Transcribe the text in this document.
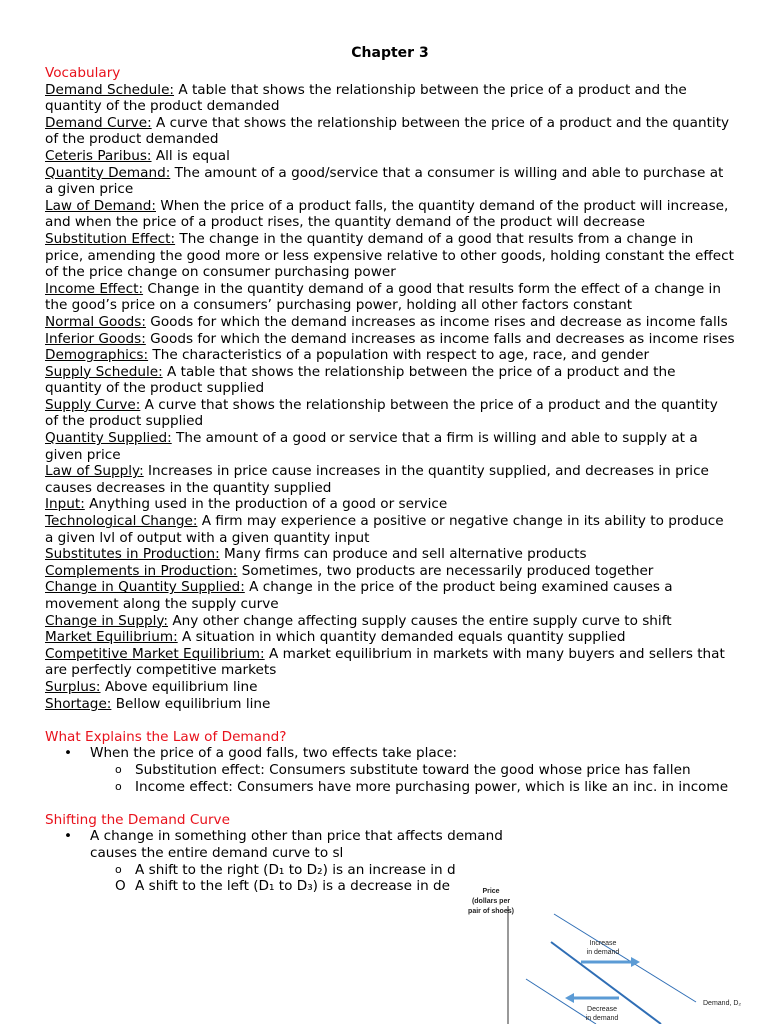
Chapter 3
Vocabulary
Demand Schedule: A table that shows the relationship between the price of a product and the quantity of the product demanded
Demand Curve: A curve that shows the relationship between the price of a product and the quantity of the product demanded
Ceteris Paribus: All is equal
Quantity Demand: The amount of a good/service that a consumer is willing and able to purchase at a given price
Law of Demand: When the price of a product falls, the quantity demand of the product will increase, and when the price of a product rises, the quantity demand of the product will decrease
Substitution Effect: The change in the quantity demand of a good that results from a change in price, amending the good more or less expensive relative to other goods, holding constant the effect of the price change on consumer purchasing power
Income Effect: Change in the quantity demand of a good that results form the effect of a change in the good’s price on a consumers’ purchasing power, holding all other factors constant
Normal Goods: Goods for which the demand increases as income rises and decrease as income falls
Inferior Goods: Goods for which the demand increases as income falls and decreases as income rises
Demographics: The characteristics of a population with respect to age, race, and gender
Supply Schedule: A table that shows the relationship between the price of a product and the quantity of the product supplied
Supply Curve: A curve that shows the relationship between the price of a product and the quantity of the product supplied
Quantity Supplied: The amount of a good or service that a firm is willing and able to supply at a given price
Law of Supply: Increases in price cause increases in the quantity supplied, and decreases in price causes decreases in the quantity supplied
Input: Anything used in the production of a good or service
Technological Change: A firm may experience a positive or negative change in its ability to produce a given lvl of output with a given quantity input
Substitutes in Production: Many firms can produce and sell alternative products
Complements in Production: Sometimes, two products are necessarily produced together
Change in Quantity Supplied: A change in the price of the product being examined causes a movement along the supply curve
Change in Supply: Any other change affecting supply causes the entire supply curve to shift
Market Equilibrium: A situation in which quantity demanded equals quantity supplied
Competitive Market Equilibrium: A market equilibrium in markets with many buyers and sellers that are perfectly competitive markets
Surplus: Above equilibrium line
Shortage: Bellow equilibrium line
What Explains the Law of Demand?
• When the price of a good falls, two effects take place:
o Substitution effect: Consumers substitute toward the good whose price has fallen
o Income effect: Consumers have more purchasing power, which is like an inc. in income
Shifting the Demand Curve
• A change in something other than price that affects demand causes the entire demand curve to sl
o A shift to the right (D₁ to D₂) is an increase in d
O A shift to the left (D₁ to D₃) is a decrease in de	Price
(dollars per
pair of shoes)
Increase
in demand
Decrease
in demand
Demand, D₂
